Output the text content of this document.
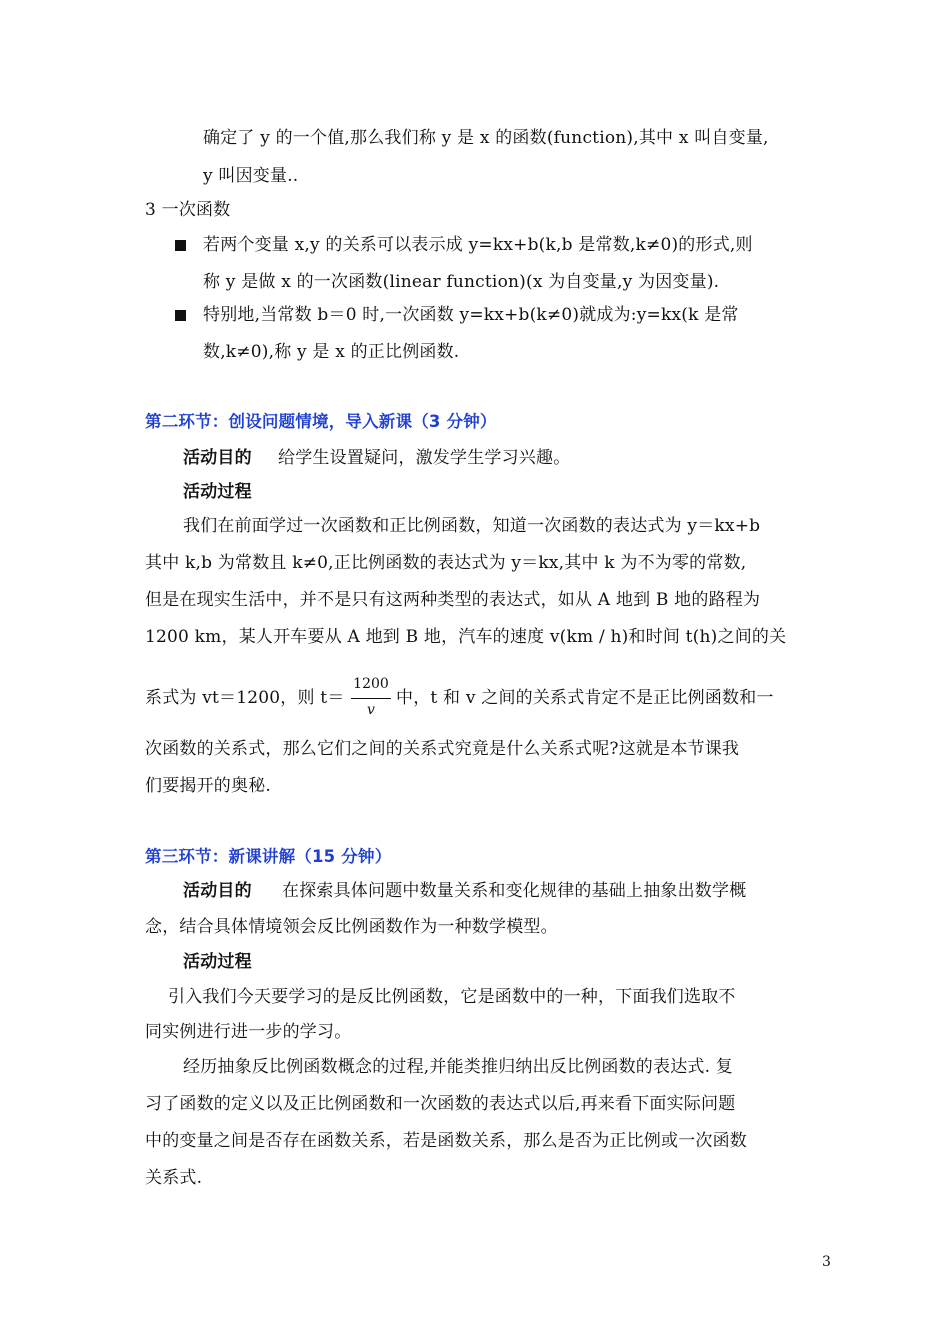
确定了 y 的一个值,那么我们称 y 是 x 的函数(function),其中 x 叫自变量,
y 叫因变量..
3 一次函数
若两个变量 x,y 的关系可以表示成 y=kx+b(k,b 是常数,k≠0)的形式,则
称 y 是做 x 的一次函数(linear function)(x 为自变量,y 为因变量).
特别地,当常数 b＝0 时,一次函数 y=kx+b(k≠0)就成为:y=kx(k 是常
数,k≠0),称 y 是 x 的正比例函数.
第二环节：创设问题情境，导入新课（3 分钟）
活动目的 给学生设置疑问，激发学生学习兴趣。
活动过程
我们在前面学过一次函数和正比例函数，知道一次函数的表达式为 y＝kx+b
其中 k,b 为常数且 k≠0,正比例函数的表达式为 y＝kx,其中 k 为不为零的常数,
但是在现实生活中，并不是只有这两种类型的表达式，如从 A 地到 B 地的路程为
1200 km，某人开车要从 A 地到 B 地，汽车的速度 v(km / h)和时间 t(h)之间的关
系式为 vt＝1200，则 t＝
1200
v
中，t 和 v 之间的关系式肯定不是正比例函数和一
次函数的关系式，那么它们之间的关系式究竟是什么关系式呢?这就是本节课我
们要揭开的奥秘.
第三环节：新课讲解（15 分钟）
活动目的 在探索具体问题中数量关系和变化规律的基础上抽象出数学概
念，结合具体情境领会反比例函数作为一种数学模型。
活动过程
引入我们今天要学习的是反比例函数，它是函数中的一种，下面我们选取不
同实例进行进一步的学习。
经历抽象反比例函数概念的过程,并能类推归纳出反比例函数的表达式. 复
习了函数的定义以及正比例函数和一次函数的表达式以后,再来看下面实际问题
中的变量之间是否存在函数关系，若是函数关系，那么是否为正比例或一次函数
关系式.
3
